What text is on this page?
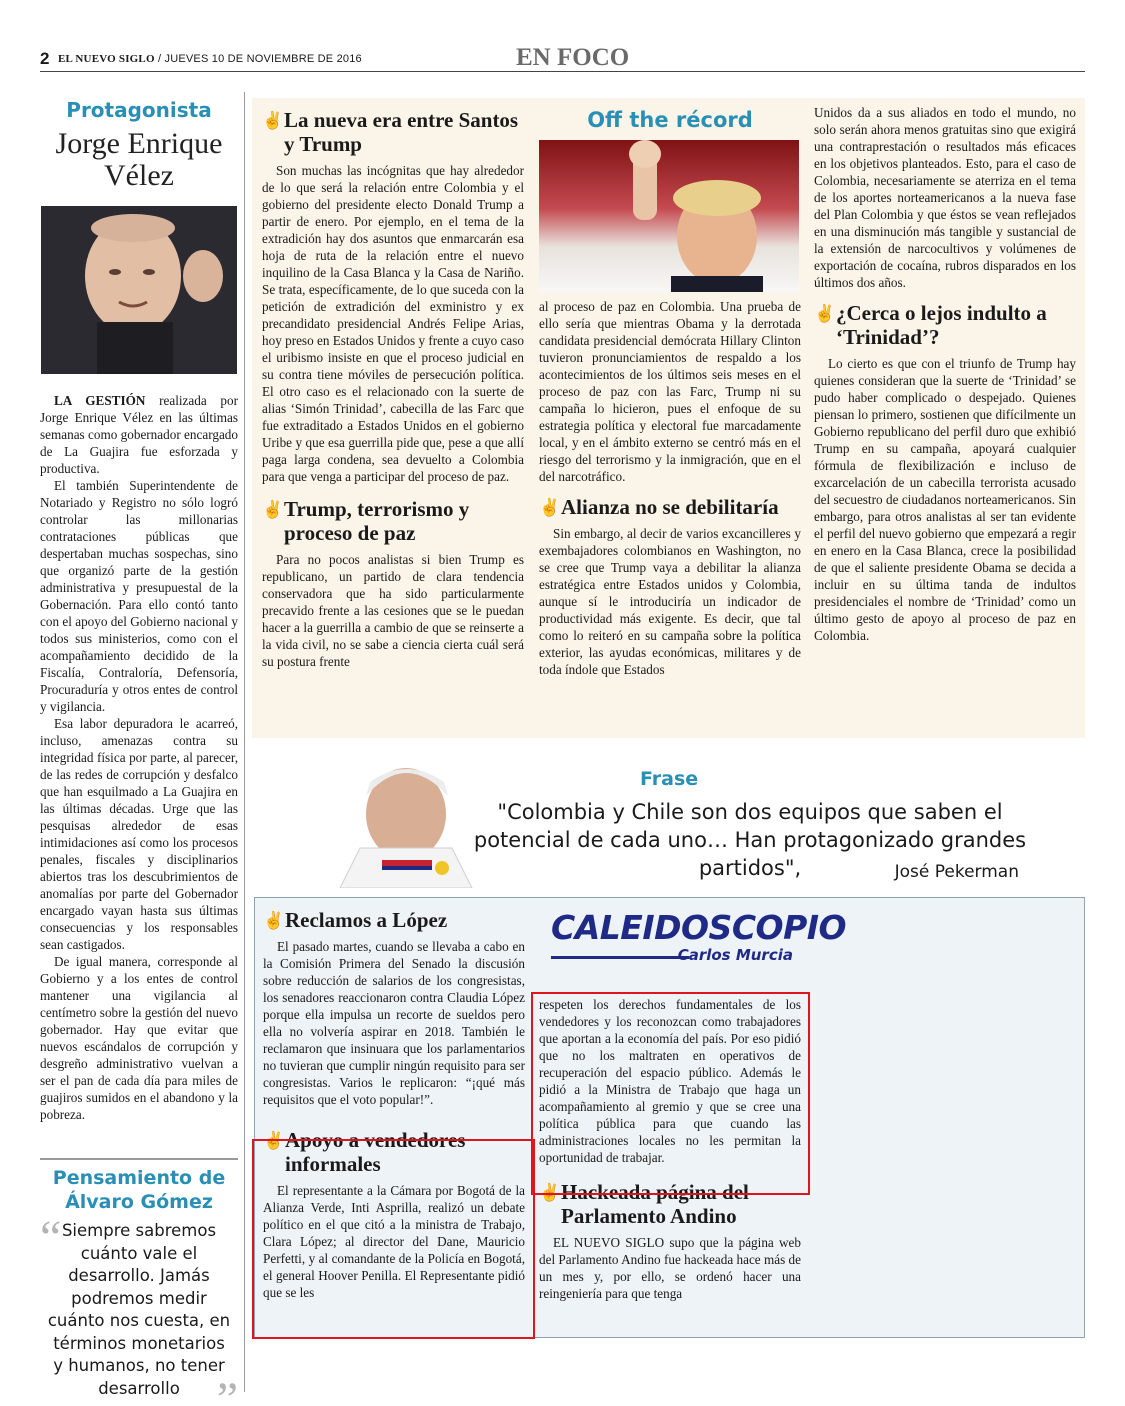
2 EL NUEVO SIGLO / JUEVES 10 DE NOVIEMBRE DE 2016	EN FOCO
Protagonista
Jorge Enrique Vélez

LA GESTIÓN realizada por Jorge Enrique Vélez en las últimas semanas como gobernador encargado de La Guajira fue esforzada y productiva.

El también Superintendente de Notariado y Registro no sólo logró controlar las millonarias contrataciones públicas que despertaban muchas sospechas, sino que organizó parte de la gestión administrativa y presupuestal de la Gobernación. Para ello contó tanto con el apoyo del Gobierno nacional y todos sus ministerios, como con el acompañamiento decidido de la Fiscalía, Contraloría, Defensoría, Procuraduría y otros entes de control y vigilancia.

Esa labor depuradora le acarreó, incluso, amenazas contra su integridad física por parte, al parecer, de las redes de corrupción y desfalco que han esquilmado a La Guajira en las últimas décadas. Urge que las pesquisas alrededor de esas intimidaciones así como los procesos penales, fiscales y disciplinarios abiertos tras los descubrimientos de anomalías por parte del Gobernador encargado vayan hasta sus últimas consecuencias y los responsables sean castigados.

De igual manera, corresponde al Gobierno y a los entes de control mantener una vigilancia al centímetro sobre la gestión del nuevo gobernador. Hay que evitar que nuevos escándalos de corrupción y desgreño administrativo vuelvan a ser el pan de cada día para miles de guajiros sumidos en el abandono y la pobreza.

Pensamiento de Álvaro Gómez
“ Siempre sabremos cuánto vale el desarrollo. Jamás podremos medir cuánto nos cuesta, en términos monetarios y humanos, no tener desarrollo ”
✌ La nueva era entre Santos y Trump

Son muchas las incógnitas que hay alrededor de lo que será la relación entre Colombia y el gobierno del presidente electo Donald Trump a partir de enero. Por ejemplo, en el tema de la extradición hay dos asuntos que enmarcarán esa hoja de ruta de la relación entre el nuevo inquilino de la Casa Blanca y la Casa de Nariño. Se trata, específicamente, de lo que suceda con la petición de extradición del exministro y ex precandidato presidencial Andrés Felipe Arias, hoy preso en Estados Unidos y frente a cuyo caso el uribismo insiste en que el proceso judicial en su contra tiene móviles de persecución política. El otro caso es el relacionado con la suerte de alias ‘Simón Trinidad’, cabecilla de las Farc que fue extraditado a Estados Unidos en el gobierno Uribe y que esa guerrilla pide que, pese a que allí paga larga condena, sea devuelto a Colombia para que venga a participar del proceso de paz.

✌ Trump, terrorismo y proceso de paz

Para no pocos analistas si bien Trump es republicano, un partido de clara tendencia conservadora que ha sido particularmente precavido frente a las cesiones que se le puedan hacer a la guerrilla a cambio de que se reinserte a la vida civil, no se sabe a ciencia cierta cuál será su postura frente

Off the récord

al proceso de paz en Colombia. Una prueba de ello sería que mientras Obama y la derrotada candidata presidencial demócrata Hillary Clinton tuvieron pronunciamientos de respaldo a los acontecimientos de los últimos seis meses en el proceso de paz con las Farc, Trump ni su campaña lo hicieron, pues el enfoque de su estrategia política y electoral fue marcadamente local, y en el ámbito externo se centró más en el riesgo del terrorismo y la inmigración, que en el del narcotráfico.

✌ Alianza no se debilitaría

Sin embargo, al decir de varios excancilleres y exembajadores colombianos en Washington, no se cree que Trump vaya a debilitar la alianza estratégica entre Estados unidos y Colombia, aunque sí le introduciría un indicador de productividad más exigente. Es decir, que tal como lo reiteró en su campaña sobre la política exterior, las ayudas económicas, militares y de toda índole que Estados

Unidos da a sus aliados en todo el mundo, no solo serán ahora menos gratuitas sino que exigirá una contraprestación o resultados más eficaces en los objetivos planteados. Esto, para el caso de Colombia, necesariamente se aterriza en el tema de los aportes norteamericanos a la nueva fase del Plan Colombia y que éstos se vean reflejados en una disminución más tangible y sustancial de la extensión de narcocultivos y volúmenes de exportación de cocaína, rubros disparados en los últimos dos años.

✌ ¿Cerca o lejos indulto a ‘Trinidad’?

Lo cierto es que con el triunfo de Trump hay quienes consideran que la suerte de ‘Trinidad’ se pudo haber complicado o despejado. Quienes piensan lo primero, sostienen que difícilmente un Gobierno republicano del perfil duro que exhibió Trump en su campaña, apoyará cualquier fórmula de flexibilización e incluso de excarcelación de un cabecilla terrorista acusado del secuestro de ciudadanos norteamericanos. Sin embargo, para otros analistas al ser tan evidente el perfil del nuevo gobierno que empezará a regir en enero en la Casa Blanca, crece la posibilidad de que el saliente presidente Obama se decida a incluir en su última tanda de indultos presidenciales el nombre de ‘Trinidad’ como un último gesto de apoyo al proceso de paz en Colombia.

Frase
"Colombia y Chile son dos equipos que saben el potencial de cada uno… Han protagonizado grandes partidos",	José Pekerman
CALEIDOSCOPIO
Carlos Murcia
✌ Reclamos a López

El pasado martes, cuando se llevaba a cabo en la Comisión Primera del Senado la discusión sobre reducción de salarios de los congresistas, los senadores reaccionaron contra Claudia López porque ella impulsa un recorte de sueldos pero ella no volvería aspirar en 2018. También le reclamaron que insinuara que los parlamentarios no tuvieran que cumplir ningún requisito para ser congresistas. Varios le replicaron: “¡qué más requisitos que el voto popular!”.

✌ Apoyo a vendedores informales

El representante a la Cámara por Bogotá de la Alianza Verde, Inti Asprilla, realizó un debate político en el que citó a la ministra de Trabajo, Clara López; al director del Dane, Mauricio Perfetti, y al comandante de la Policía en Bogotá, el general Hoover Penilla. El Representante pidió que se les

respeten los derechos fundamentales de los vendedores y los reconozcan como trabajadores que aportan a la economía del país. Por eso pidió que no los maltraten en operativos de recuperación del espacio público. Además le pidió a la Ministra de Trabajo que haga un acompañamiento al gremio y que se cree una política pública para que cuando las administraciones locales no les permitan la oportunidad de trabajar.

✌ Hackeada página del Parlamento Andino

EL NUEVO SIGLO supo que la página web del Parlamento Andino fue hackeada hace más de un mes y, por ello, se ordenó hacer una reingeniería para que tenga
